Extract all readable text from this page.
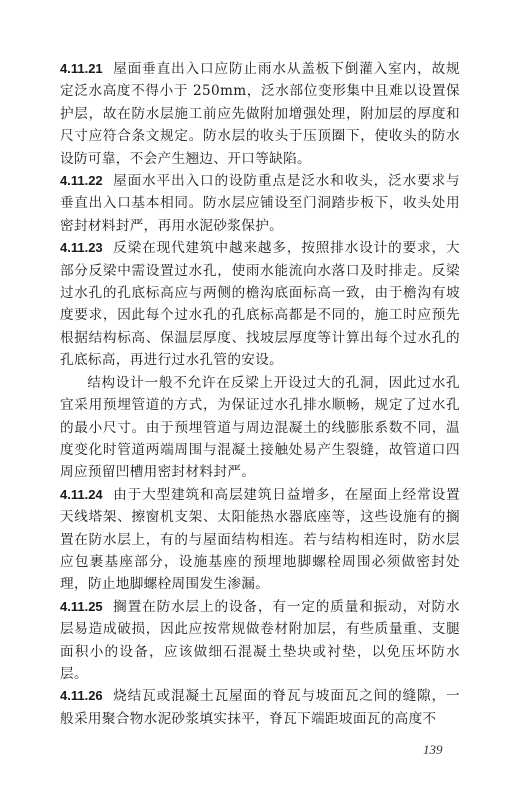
4.11.21 屋面垂直出入口应防止雨水从盖板下倒灌入室内，故规定泛水高度不得小于 250mm，泛水部位变形集中且难以设置保护层，故在防水层施工前应先做附加增强处理，附加层的厚度和尺寸应符合条文规定。防水层的收头于压顶圈下，使收头的防水设防可靠，不会产生翘边、开口等缺陷。

4.11.22 屋面水平出入口的设防重点是泛水和收头，泛水要求与垂直出入口基本相同。防水层应铺设至门洞踏步板下，收头处用密封材料封严，再用水泥砂浆保护。

4.11.23 反梁在现代建筑中越来越多，按照排水设计的要求，大部分反梁中需设置过水孔，使雨水能流向水落口及时排走。反梁过水孔的孔底标高应与两侧的檐沟底面标高一致，由于檐沟有坡度要求，因此每个过水孔的孔底标高都是不同的，施工时应预先根据结构标高、保温层厚度、找坡层厚度等计算出每个过水孔的孔底标高，再进行过水孔管的安设。

结构设计一般不允许在反梁上开设过大的孔洞，因此过水孔宜采用预埋管道的方式，为保证过水孔排水顺畅，规定了过水孔的最小尺寸。由于预埋管道与周边混凝土的线膨胀系数不同，温度变化时管道两端周围与混凝土接触处易产生裂缝，故管道口四周应预留凹槽用密封材料封严。

4.11.24 由于大型建筑和高层建筑日益增多，在屋面上经常设置天线塔架、擦窗机支架、太阳能热水器底座等，这些设施有的搁置在防水层上，有的与屋面结构相连。若与结构相连时，防水层应包裹基座部分，设施基座的预埋地脚螺栓周围必须做密封处理，防止地脚螺栓周围发生渗漏。

4.11.25 搁置在防水层上的设备，有一定的质量和振动，对防水层易造成破损，因此应按常规做卷材附加层，有些质量重、支腿面积小的设备，应该做细石混凝土垫块或衬垫，以免压坏防水层。

4.11.26 烧结瓦或混凝土瓦屋面的脊瓦与坡面瓦之间的缝隙，一般采用聚合物水泥砂浆填实抹平，脊瓦下端距坡面瓦的高度不

139
